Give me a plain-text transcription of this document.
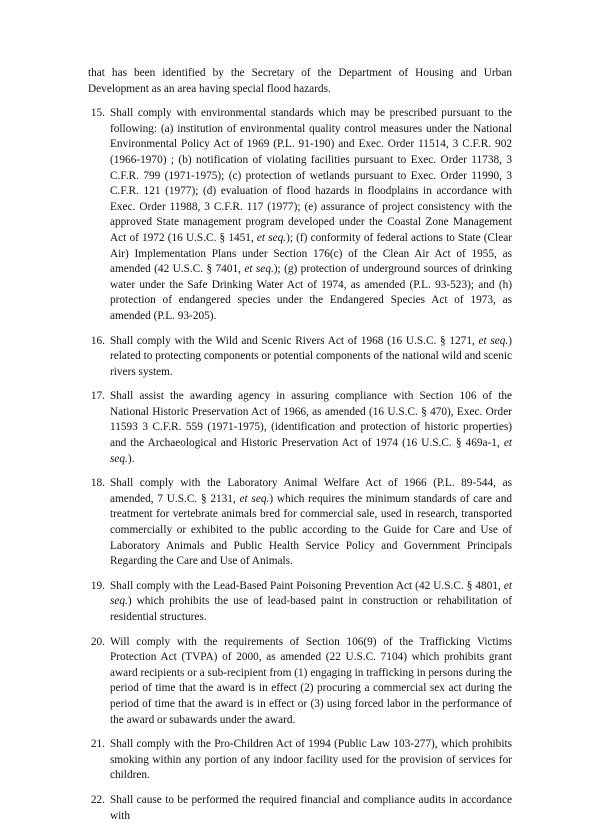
that has been identified by the Secretary of the Department of Housing and Urban Development as an area having special flood hazards.

15. Shall comply with environmental standards which may be prescribed pursuant to the following: (a) institution of environmental quality control measures under the National Environmental Policy Act of 1969 (P.L. 91-190) and Exec. Order 11514, 3 C.F.R. 902 (1966-1970) ; (b) notification of violating facilities pursuant to Exec. Order 11738, 3 C.F.R. 799 (1971-1975); (c) protection of wetlands pursuant to Exec. Order 11990, 3 C.F.R. 121 (1977); (d) evaluation of flood hazards in floodplains in accordance with Exec. Order 11988, 3 C.F.R. 117 (1977); (e) assurance of project consistency with the approved State management program developed under the Coastal Zone Management Act of 1972 (16 U.S.C. § 1451, et seq.); (f) conformity of federal actions to State (Clear Air) Implementation Plans under Section 176(c) of the Clean Air Act of 1955, as amended (42 U.S.C. § 7401, et seq.); (g) protection of underground sources of drinking water under the Safe Drinking Water Act of 1974, as amended (P.L. 93-523); and (h) protection of endangered species under the Endangered Species Act of 1973, as amended (P.L. 93-205).
16. Shall comply with the Wild and Scenic Rivers Act of 1968 (16 U.S.C. § 1271, et seq.) related to protecting components or potential components of the national wild and scenic rivers system.
17. Shall assist the awarding agency in assuring compliance with Section 106 of the National Historic Preservation Act of 1966, as amended (16 U.S.C. § 470), Exec. Order 11593 3 C.F.R. 559 (1971-1975), (identification and protection of historic properties) and the Archaeological and Historic Preservation Act of 1974 (16 U.S.C. § 469a-1, et seq.).
18. Shall comply with the Laboratory Animal Welfare Act of 1966 (P.L. 89-544, as amended, 7 U.S.C. § 2131, et seq.) which requires the minimum standards of care and treatment for vertebrate animals bred for commercial sale, used in research, transported commercially or exhibited to the public according to the Guide for Care and Use of Laboratory Animals and Public Health Service Policy and Government Principals Regarding the Care and Use of Animals.
19. Shall comply with the Lead-Based Paint Poisoning Prevention Act (42 U.S.C. § 4801, et seq.) which prohibits the use of lead-based paint in construction or rehabilitation of residential structures.
20. Will comply with the requirements of Section 106(9) of the Trafficking Victims Protection Act (TVPA) of 2000, as amended (22 U.S.C. 7104) which prohibits grant award recipients or a sub-recipient from (1) engaging in trafficking in persons during the period of time that the award is in effect (2) procuring a commercial sex act during the period of time that the award is in effect or (3) using forced labor in the performance of the award or subawards under the award.
21. Shall comply with the Pro-Children Act of 1994 (Public Law 103-277), which prohibits smoking within any portion of any indoor facility used for the provision of services for children.
22. Shall cause to be performed the required financial and compliance audits in accordance with
